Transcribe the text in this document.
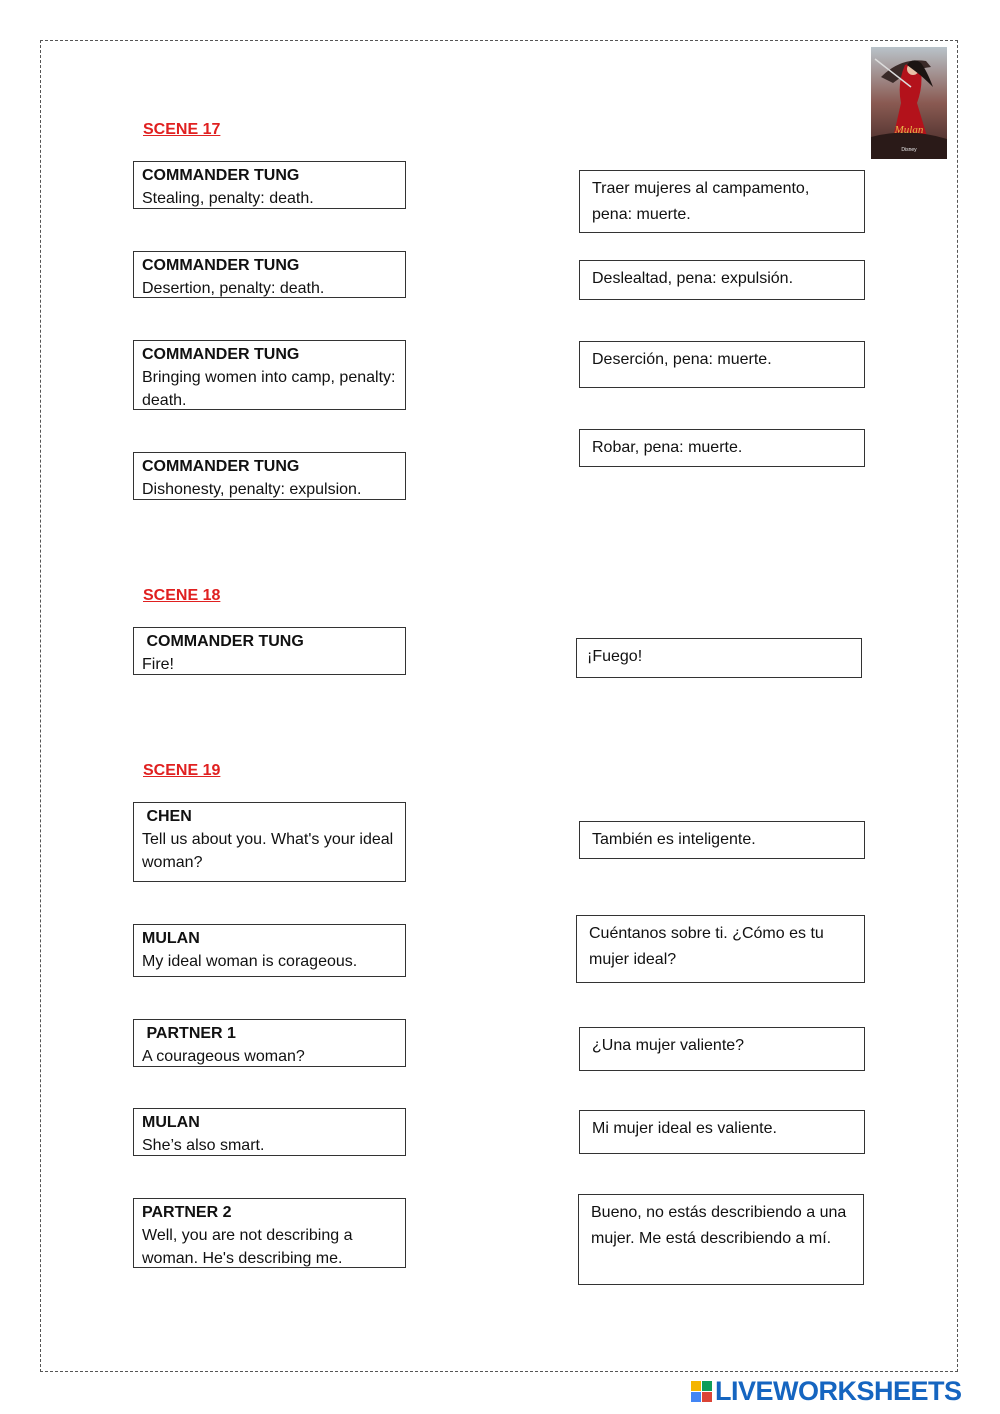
Mulan
Disney
SCENE 17
COMMANDER TUNG
Stealing, penalty: death.
COMMANDER TUNG
Desertion, penalty: death.
COMMANDER TUNG
Bringing women into camp, penalty: death.
COMMANDER TUNG
Dishonesty, penalty: expulsion.
Traer mujeres al campamento, pena: muerte.
Deslealtad, pena: expulsión.
Deserción, pena: muerte.
Robar, pena: muerte.
SCENE 18
COMMANDER TUNG
Fire!	¡Fuego!
SCENE 19
CHEN
Tell us about you. What's your ideal woman?
MULAN
My ideal woman is corageous.
PARTNER 1
A courageous woman?
MULAN
She’s also smart.
PARTNER 2
Well, you are not describing a woman. He's describing me.
También es inteligente.
Cuéntanos sobre ti. ¿Cómo es tu mujer ideal?
¿Una mujer valiente?
Mi mujer ideal es valiente.
Bueno, no estás describiendo a una mujer. Me está describiendo a mí.
LIVEWORKSHEETS
